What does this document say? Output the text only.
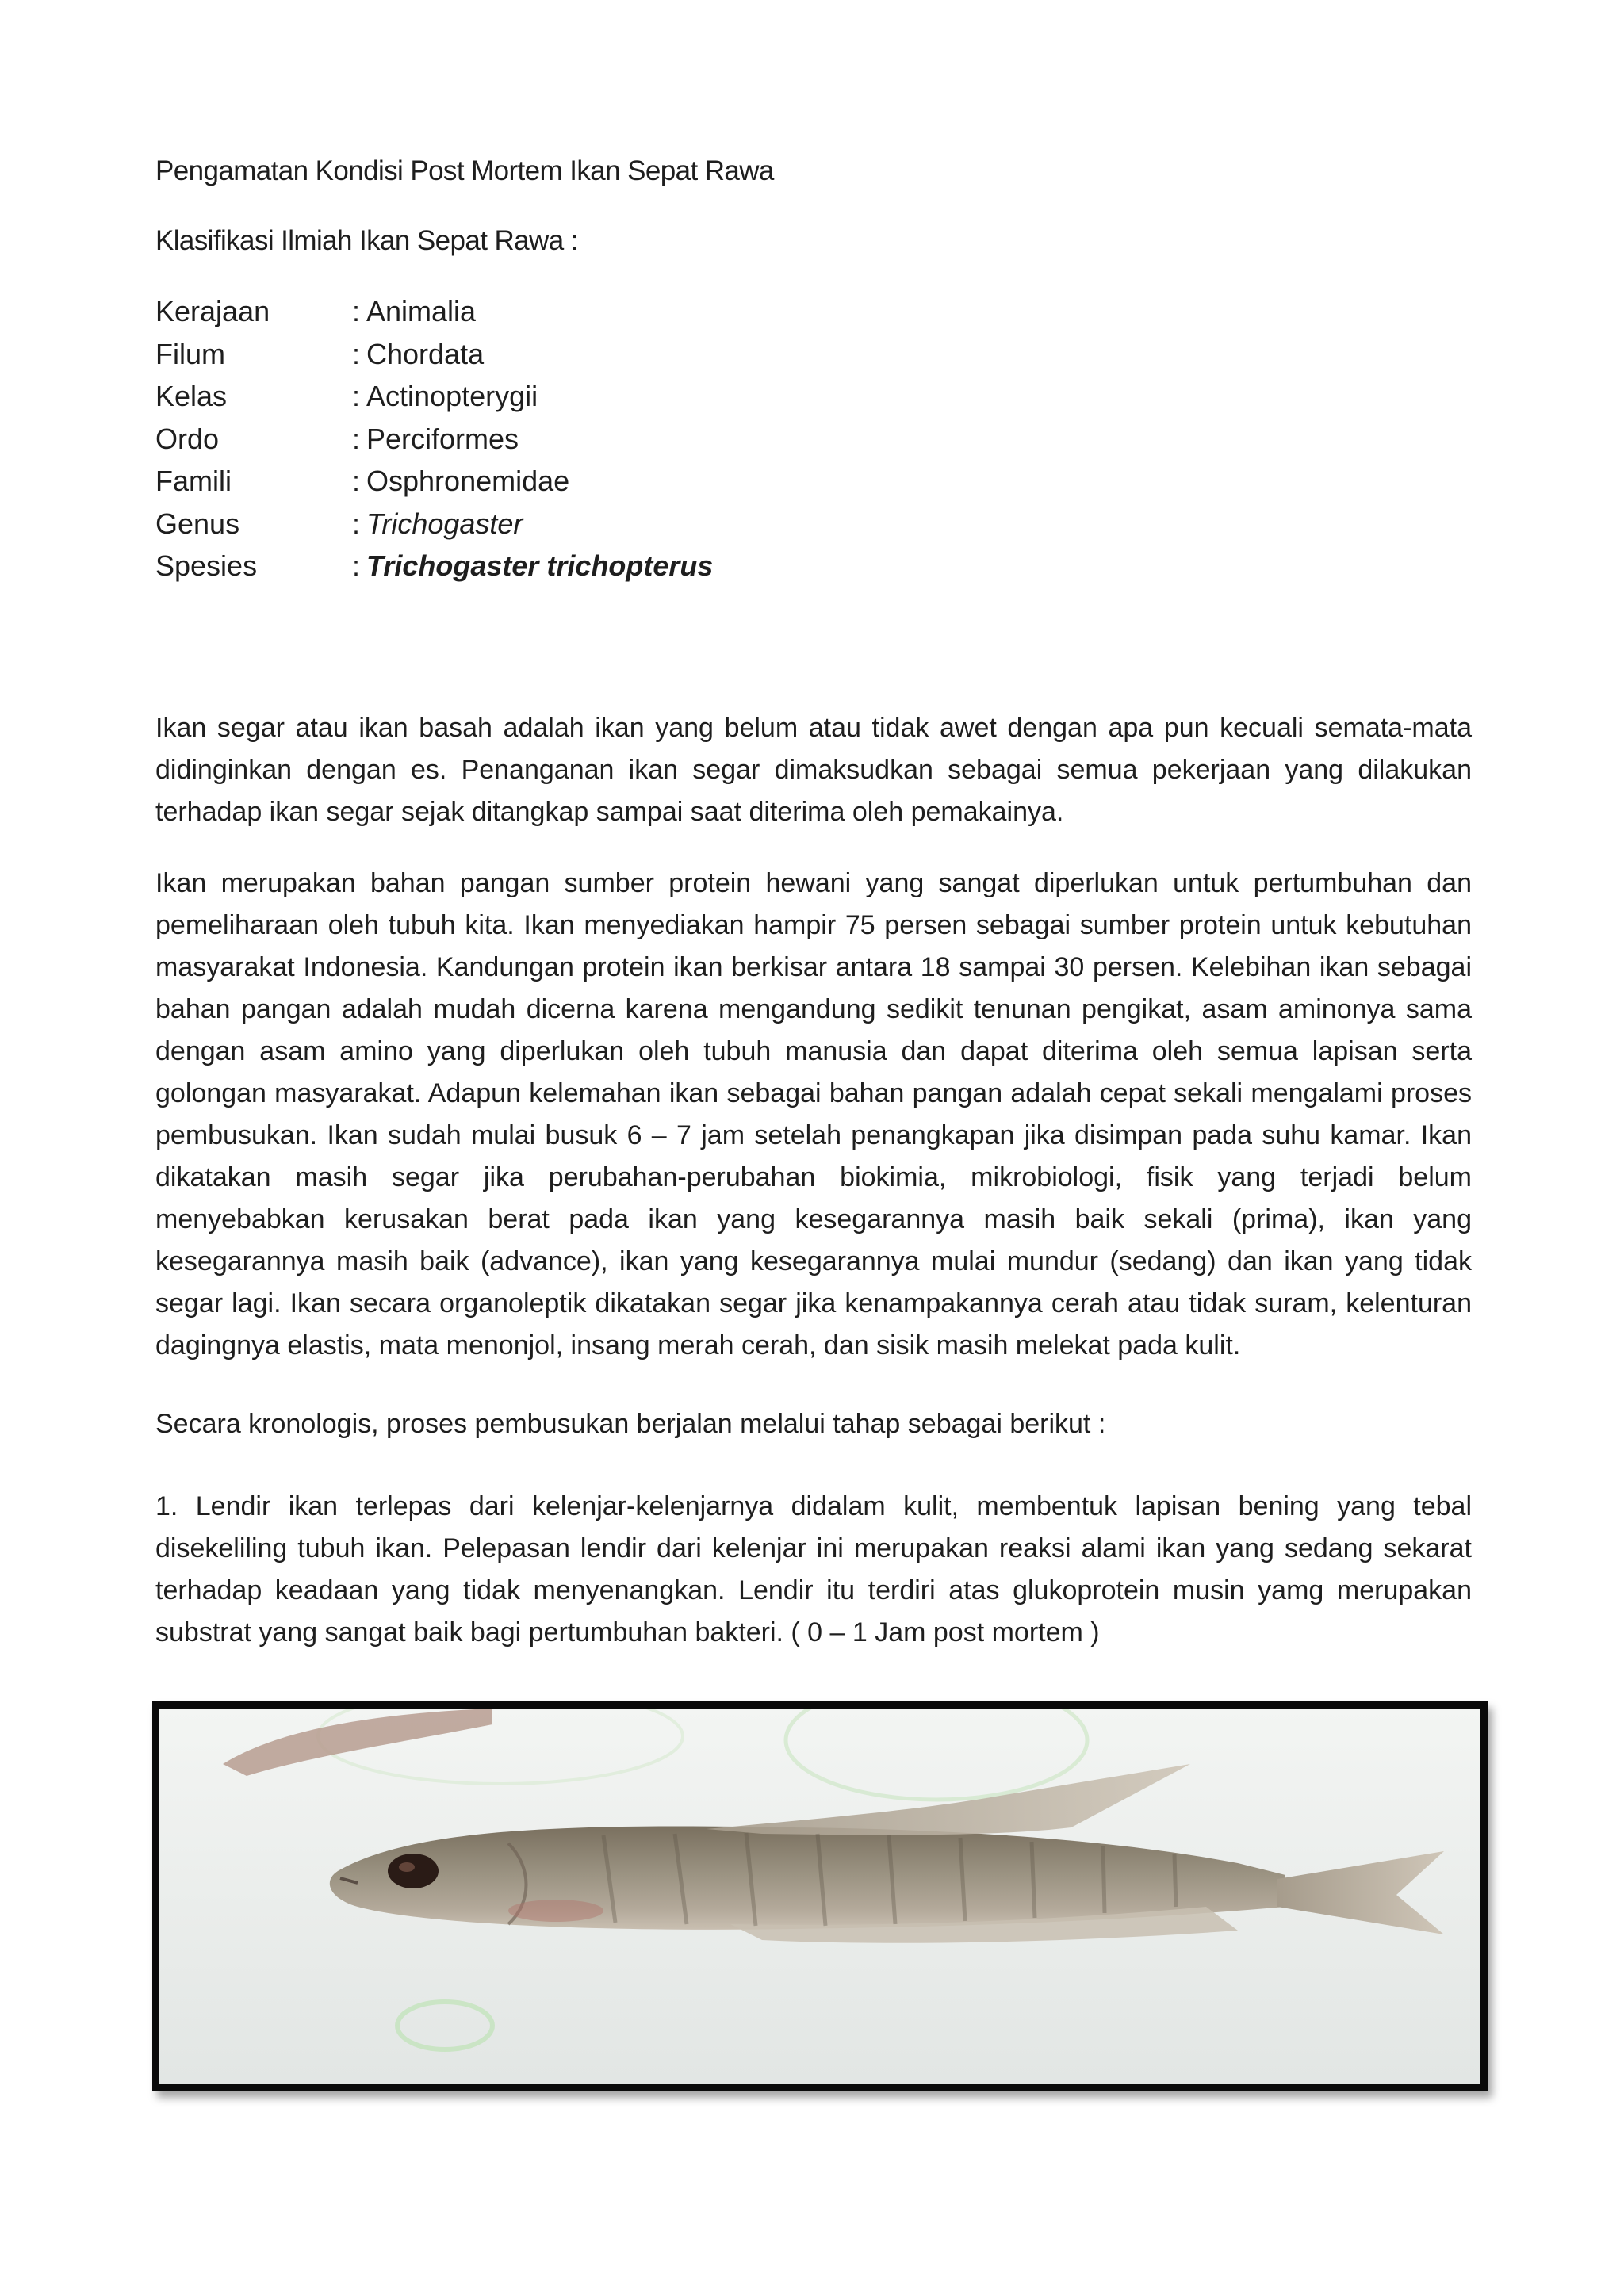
Pengamatan Kondisi Post Mortem Ikan Sepat Rawa
Klasifikasi Ilmiah Ikan Sepat Rawa :
Kerajaan	: Animalia
Filum	: Chordata
Kelas	: Actinopterygii
Ordo	: Perciformes
Famili	: Osphronemidae
Genus	: Trichogaster
Spesies	: Trichogaster trichopterus

Ikan segar atau ikan basah adalah ikan yang belum atau tidak awet dengan apa pun kecuali semata-mata didinginkan dengan es. Penanganan ikan segar dimaksudkan sebagai semua pekerjaan yang dilakukan terhadap ikan segar sejak ditangkap sampai saat diterima oleh pemakainya.

Ikan merupakan bahan pangan sumber protein hewani yang sangat diperlukan untuk pertumbuhan dan pemeliharaan oleh tubuh kita. Ikan menyediakan hampir 75 persen sebagai sumber protein untuk kebutuhan masyarakat Indonesia. Kandungan protein ikan berkisar antara 18 sampai 30 persen. Kelebihan ikan sebagai bahan pangan adalah mudah dicerna karena mengandung sedikit tenunan pengikat, asam aminonya sama dengan asam amino yang diperlukan oleh tubuh manusia dan dapat diterima oleh semua lapisan serta golongan masyarakat. Adapun kelemahan ikan sebagai bahan pangan adalah cepat sekali mengalami proses pembusukan. Ikan sudah mulai busuk 6 – 7 jam setelah penangkapan jika disimpan pada suhu kamar. Ikan dikatakan masih segar jika perubahan-perubahan biokimia, mikrobiologi, fisik yang terjadi belum menyebabkan kerusakan berat pada ikan yang kesegarannya masih baik sekali (prima), ikan yang kesegarannya masih baik (advance), ikan yang kesegarannya mulai mundur (sedang) dan ikan yang tidak segar lagi. Ikan secara organoleptik dikatakan segar jika kenampakannya cerah atau tidak suram, kelenturan dagingnya elastis, mata menonjol, insang merah cerah, dan sisik masih melekat pada kulit.

Secara kronologis, proses pembusukan berjalan melalui tahap sebagai berikut :

1. Lendir ikan terlepas dari kelenjar-kelenjarnya didalam kulit, membentuk lapisan bening yang tebal disekeliling tubuh ikan. Pelepasan lendir dari kelenjar ini merupakan reaksi alami ikan yang sedang sekarat terhadap keadaan yang tidak menyenangkan. Lendir itu terdiri atas glukoprotein musin yamg merupakan substrat yang sangat baik bagi pertumbuhan bakteri. ( 0 – 1 Jam post mortem )
